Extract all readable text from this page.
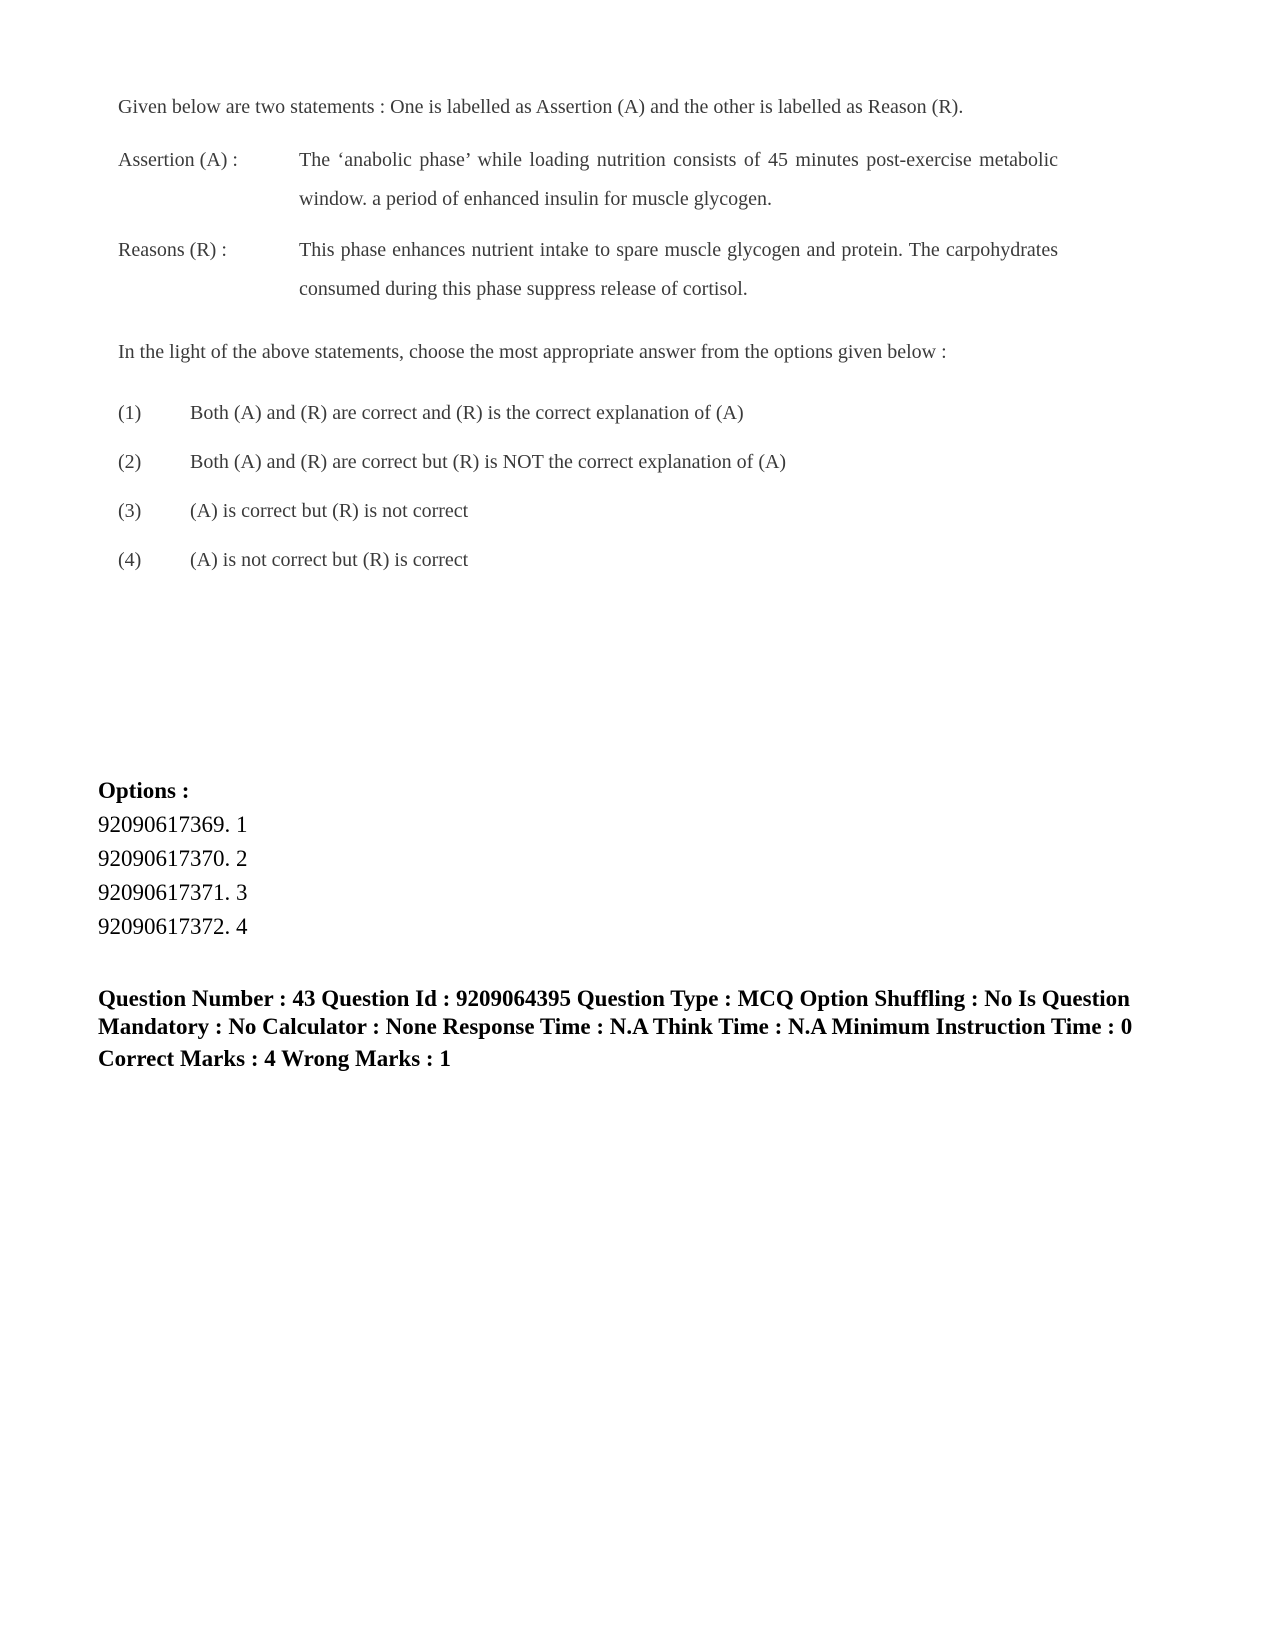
Given below are two statements : One is labelled as Assertion (A) and the other is labelled as Reason (R).

Assertion (A) :	The ‘anabolic phase’ while loading nutrition consists of 45 minutes post-exercise metabolic window. a period of enhanced insulin for muscle glycogen.
Reasons (R) :	This phase enhances nutrient intake to spare muscle glycogen and protein. The carpohydrates consumed during this phase suppress release of cortisol.
In the light of the above statements, choose the most appropriate answer from the options given below :
(1)	Both (A) and (R) are correct and (R) is the correct explanation of (A)
(2)	Both (A) and (R) are correct but (R) is NOT the correct explanation of (A)
(3)	(A) is correct but (R) is not correct
(4)	(A) is not correct but (R) is correct
Options :
92090617369. 1
92090617370. 2
92090617371. 3
92090617372. 4
Question Number : 43 Question Id : 9209064395 Question Type : MCQ Option Shuffling : No Is Question Mandatory : No Calculator : None Response Time : N.A Think Time : N.A Minimum Instruction Time : 0
Correct Marks : 4 Wrong Marks : 1
